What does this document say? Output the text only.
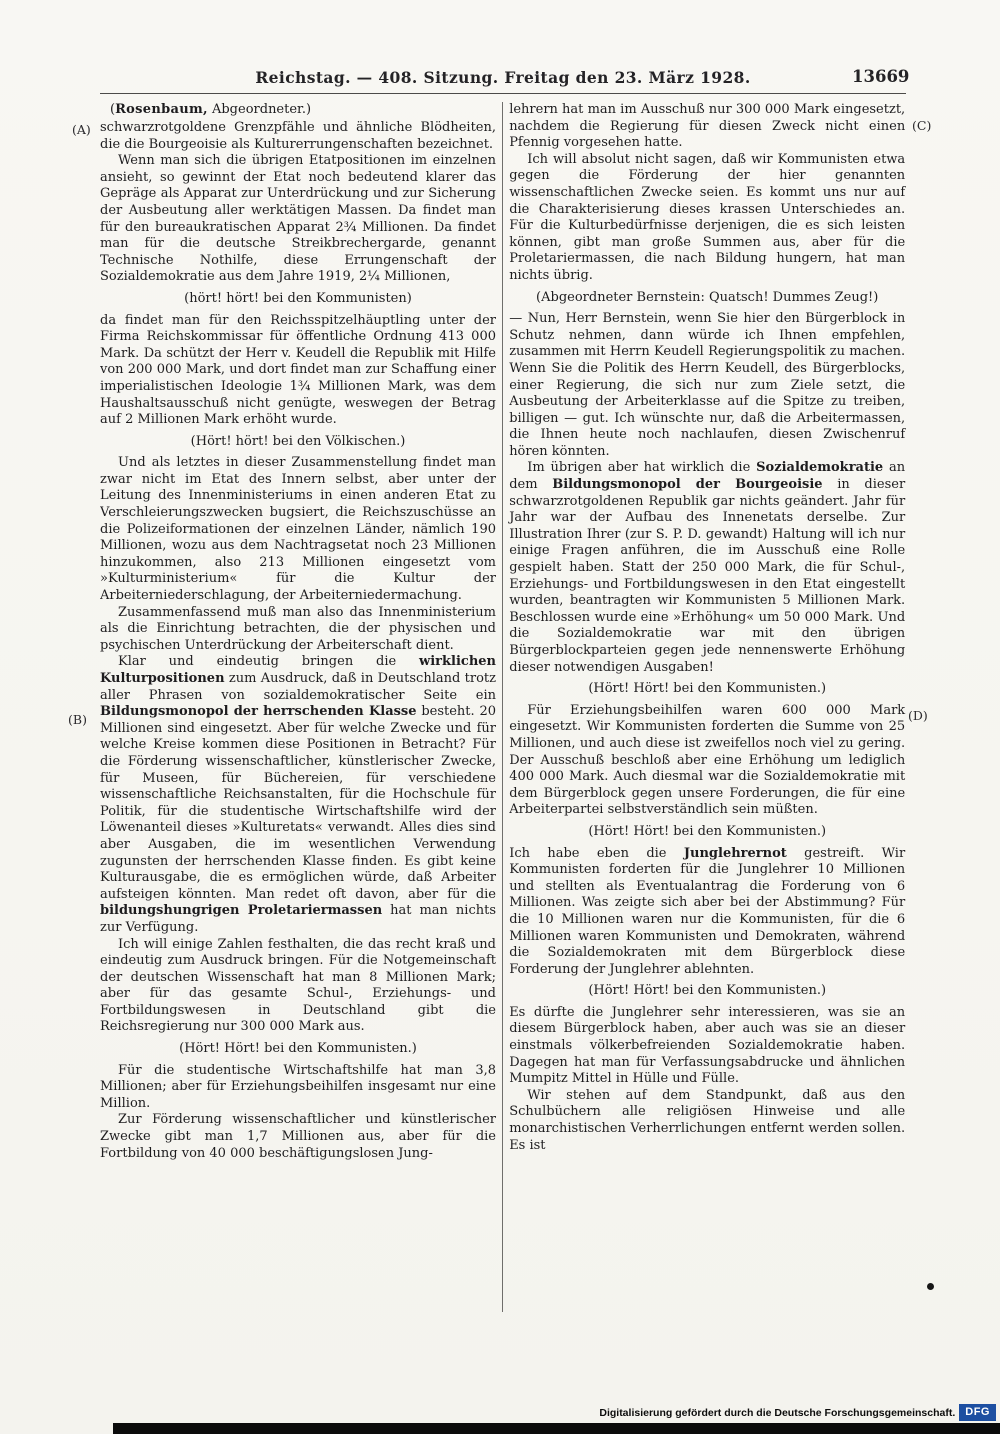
Reichstag. — 408. Sitzung. Freitag den 23. März 1928.	13669
(A)
(B)
(C)
(D)

(Rosenbaum, Abgeordneter.)

schwarzrotgoldene Grenzpfähle und ähnliche Blödheiten, die die Bourgeoisie als Kulturerrungenschaften bezeichnet.

Wenn man sich die übrigen Etatpositionen im einzelnen ansieht, so gewinnt der Etat noch bedeutend klarer das Gepräge als Apparat zur Unterdrückung und zur Sicherung der Ausbeutung aller werktätigen Massen. Da findet man für den bureaukratischen Apparat 2¾ Millionen. Da findet man für die deutsche Streikbrechergarde, genannt Technische Nothilfe, diese Errungenschaft der Sozialdemokratie aus dem Jahre 1919, 2¼ Millionen,

(hört! hört! bei den Kommunisten)

da findet man für den Reichsspitzelhäuptling unter der Firma Reichskommissar für öffentliche Ordnung 413 000 Mark. Da schützt der Herr v. Keudell die Republik mit Hilfe von 200 000 Mark, und dort findet man zur Schaffung einer imperialistischen Ideologie 1¾ Millionen Mark, was dem Haushaltsausschuß nicht genügte, weswegen der Betrag auf 2 Millionen Mark erhöht wurde.

(Hört! hört! bei den Völkischen.)

Und als letztes in dieser Zusammenstellung findet man zwar nicht im Etat des Innern selbst, aber unter der Leitung des Innenministeriums in einen anderen Etat zu Verschleierungszwecken bugsiert, die Reichszuschüsse an die Polizeiformationen der einzelnen Länder, nämlich 190 Millionen, wozu aus dem Nachtragsetat noch 23 Millionen hinzukommen, also 213 Millionen eingesetzt vom »Kulturministerium« für die Kultur der Arbeiterniederschlagung, der Arbeiterniedermachung.

Zusammenfassend muß man also das Innenministerium als die Einrichtung betrachten, die der physischen und psychischen Unterdrückung der Arbeiterschaft dient.

Klar und eindeutig bringen die wirklichen Kulturpositionen zum Ausdruck, daß in Deutschland trotz aller Phrasen von sozialdemokratischer Seite ein Bildungsmonopol der herrschenden Klasse besteht. 20 Millionen sind eingesetzt. Aber für welche Zwecke und für welche Kreise kommen diese Positionen in Betracht? Für die Förderung wissenschaftlicher, künstlerischer Zwecke, für Museen, für Büchereien, für verschiedene wissenschaftliche Reichsanstalten, für die Hochschule für Politik, für die studentische Wirtschaftshilfe wird der Löwenanteil dieses »Kulturetats« verwandt. Alles dies sind aber Ausgaben, die im wesentlichen Verwendung zugunsten der herrschenden Klasse finden. Es gibt keine Kulturausgabe, die es ermöglichen würde, daß Arbeiter aufsteigen könnten. Man redet oft davon, aber für die bildungshungrigen Proletariermassen hat man nichts zur Verfügung.

Ich will einige Zahlen festhalten, die das recht kraß und eindeutig zum Ausdruck bringen. Für die Notgemeinschaft der deutschen Wissenschaft hat man 8 Millionen Mark; aber für das gesamte Schul-, Erziehungs- und Fortbildungswesen in Deutschland gibt die Reichsregierung nur 300 000 Mark aus.

(Hört! Hört! bei den Kommunisten.)

Für die studentische Wirtschaftshilfe hat man 3,8 Millionen; aber für Erziehungsbeihilfen insgesamt nur eine Million.

Zur Förderung wissenschaftlicher und künstlerischer Zwecke gibt man 1,7 Millionen aus, aber für die Fortbildung von 40 000 beschäftigungslosen Jung-

lehrern hat man im Ausschuß nur 300 000 Mark eingesetzt, nachdem die Regierung für diesen Zweck nicht einen Pfennig vorgesehen hatte.

Ich will absolut nicht sagen, daß wir Kommunisten etwa gegen die Förderung der hier genannten wissenschaftlichen Zwecke seien. Es kommt uns nur auf die Charakterisierung dieses krassen Unterschiedes an. Für die Kulturbedürfnisse derjenigen, die es sich leisten können, gibt man große Summen aus, aber für die Proletariermassen, die nach Bildung hungern, hat man nichts übrig.

(Abgeordneter Bernstein: Quatsch! Dummes Zeug!)

— Nun, Herr Bernstein, wenn Sie hier den Bürgerblock in Schutz nehmen, dann würde ich Ihnen empfehlen, zusammen mit Herrn Keudell Regierungspolitik zu machen. Wenn Sie die Politik des Herrn Keudell, des Bürgerblocks, einer Regierung, die sich nur zum Ziele setzt, die Ausbeutung der Arbeiterklasse auf die Spitze zu treiben, billigen — gut. Ich wünschte nur, daß die Arbeitermassen, die Ihnen heute noch nachlaufen, diesen Zwischenruf hören könnten.

Im übrigen aber hat wirklich die Sozialdemokratie an dem Bildungsmonopol der Bourgeoisie in dieser schwarzrotgoldenen Republik gar nichts geändert. Jahr für Jahr war der Aufbau des Innenetats derselbe. Zur Illustration Ihrer (zur S. P. D. gewandt) Haltung will ich nur einige Fragen anführen, die im Ausschuß eine Rolle gespielt haben. Statt der 250 000 Mark, die für Schul-, Erziehungs- und Fortbildungswesen in den Etat eingestellt wurden, beantragten wir Kommunisten 5 Millionen Mark. Beschlossen wurde eine »Erhöhung« um 50 000 Mark. Und die Sozialdemokratie war mit den übrigen Bürgerblockparteien gegen jede nennenswerte Erhöhung dieser notwendigen Ausgaben!

(Hört! Hört! bei den Kommunisten.)

Für Erziehungsbeihilfen waren 600 000 Mark eingesetzt. Wir Kommunisten forderten die Summe von 25 Millionen, und auch diese ist zweifellos noch viel zu gering. Der Ausschuß beschloß aber eine Erhöhung um lediglich 400 000 Mark. Auch diesmal war die Sozialdemokratie mit dem Bürgerblock gegen unsere Forderungen, die für eine Arbeiterpartei selbstverständlich sein müßten.

(Hört! Hört! bei den Kommunisten.)

Ich habe eben die Junglehrernot gestreift. Wir Kommunisten forderten für die Junglehrer 10 Millionen und stellten als Eventualantrag die Forderung von 6 Millionen. Was zeigte sich aber bei der Abstimmung? Für die 10 Millionen waren nur die Kommunisten, für die 6 Millionen waren Kommunisten und Demokraten, während die Sozialdemokraten mit dem Bürgerblock diese Forderung der Junglehrer ablehnten.

(Hört! Hört! bei den Kommunisten.)

Es dürfte die Junglehrer sehr interessieren, was sie an diesem Bürgerblock haben, aber auch was sie an dieser einstmals völkerbefreienden Sozialdemokratie haben. Dagegen hat man für Verfassungsabdrucke und ähnlichen Mumpitz Mittel in Hülle und Fülle.

Wir stehen auf dem Standpunkt, daß aus den Schulbüchern alle religiösen Hinweise und alle monarchistischen Verherrlichungen entfernt werden sollen. Es ist

Digitalisierung gefördert durch die Deutsche Forschungsgemeinschaft. DFG
